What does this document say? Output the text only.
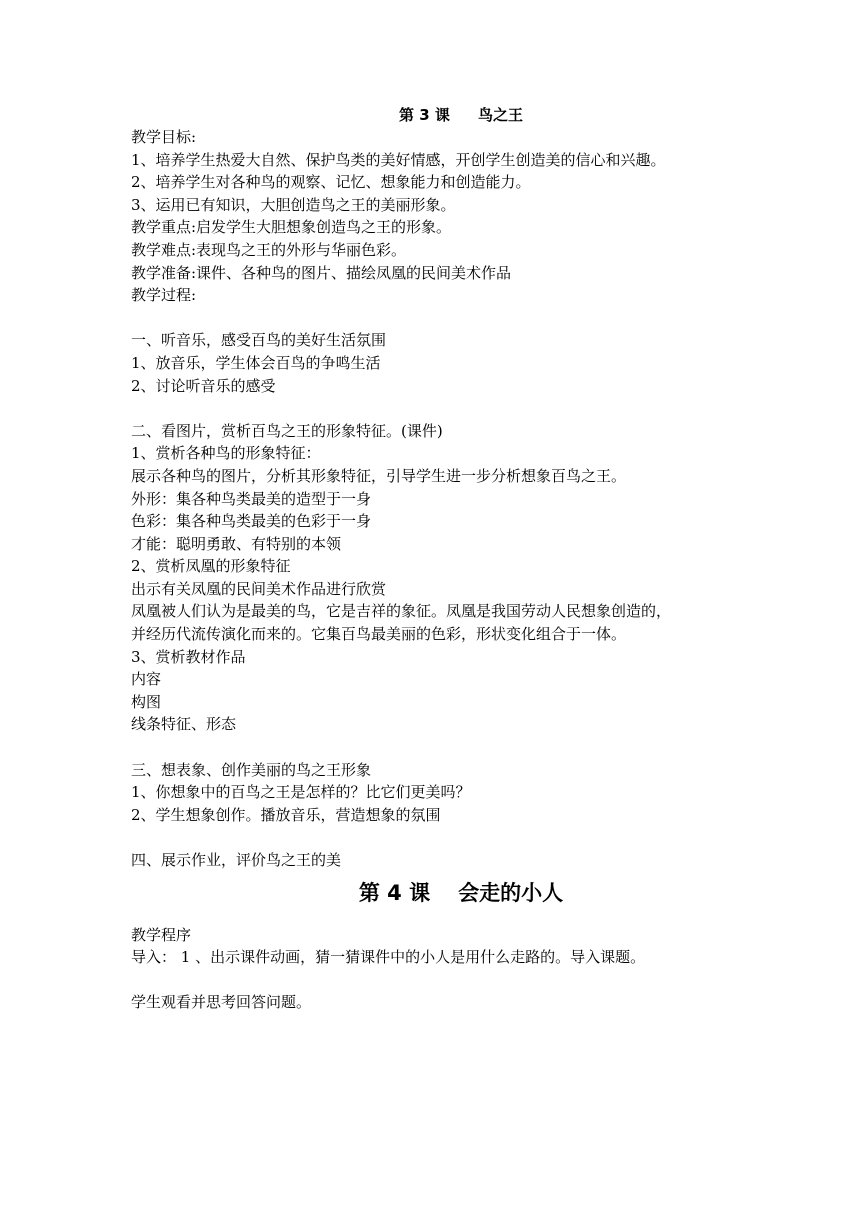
第 3 课 鸟之王
教学目标:
1、培养学生热爱大自然、保护鸟类的美好情感，开创学生创造美的信心和兴趣。
2、培养学生对各种鸟的观察、记忆、想象能力和创造能力。
3、运用已有知识，大胆创造鸟之王的美丽形象。
教学重点:启发学生大胆想象创造鸟之王的形象。
教学难点:表现鸟之王的外形与华丽色彩。
教学准备:课件、各种鸟的图片、描绘凤凰的民间美术作品
教学过程:
一、听音乐，感受百鸟的美好生活氛围
1、放音乐，学生体会百鸟的争鸣生活
2、讨论听音乐的感受
二、看图片，赏析百鸟之王的形象特征。(课件)
1、赏析各种鸟的形象特征：
展示各种鸟的图片，分析其形象特征，引导学生进一步分析想象百鸟之王。
外形：集各种鸟类最美的造型于一身
色彩：集各种鸟类最美的色彩于一身
才能：聪明勇敢、有特别的本领
2、赏析凤凰的形象特征
出示有关凤凰的民间美术作品进行欣赏
凤凰被人们认为是最美的鸟，它是吉祥的象征。凤凰是我国劳动人民想象创造的，
并经历代流传演化而来的。它集百鸟最美丽的色彩，形状变化组合于一体。
3、赏析教材作品
内容
构图
线条特征、形态
三、想表象、创作美丽的鸟之王形象
1、你想象中的百鸟之王是怎样的？比它们更美吗？
2、学生想象创作。播放音乐，营造想象的氛围
四、展示作业，评价鸟之王的美
第 4 课 会走的小人
教学程序
导入： 1 、出示课件动画，猜一猜课件中的小人是用什么走路的。导入课题。
学生观看并思考回答问题。
